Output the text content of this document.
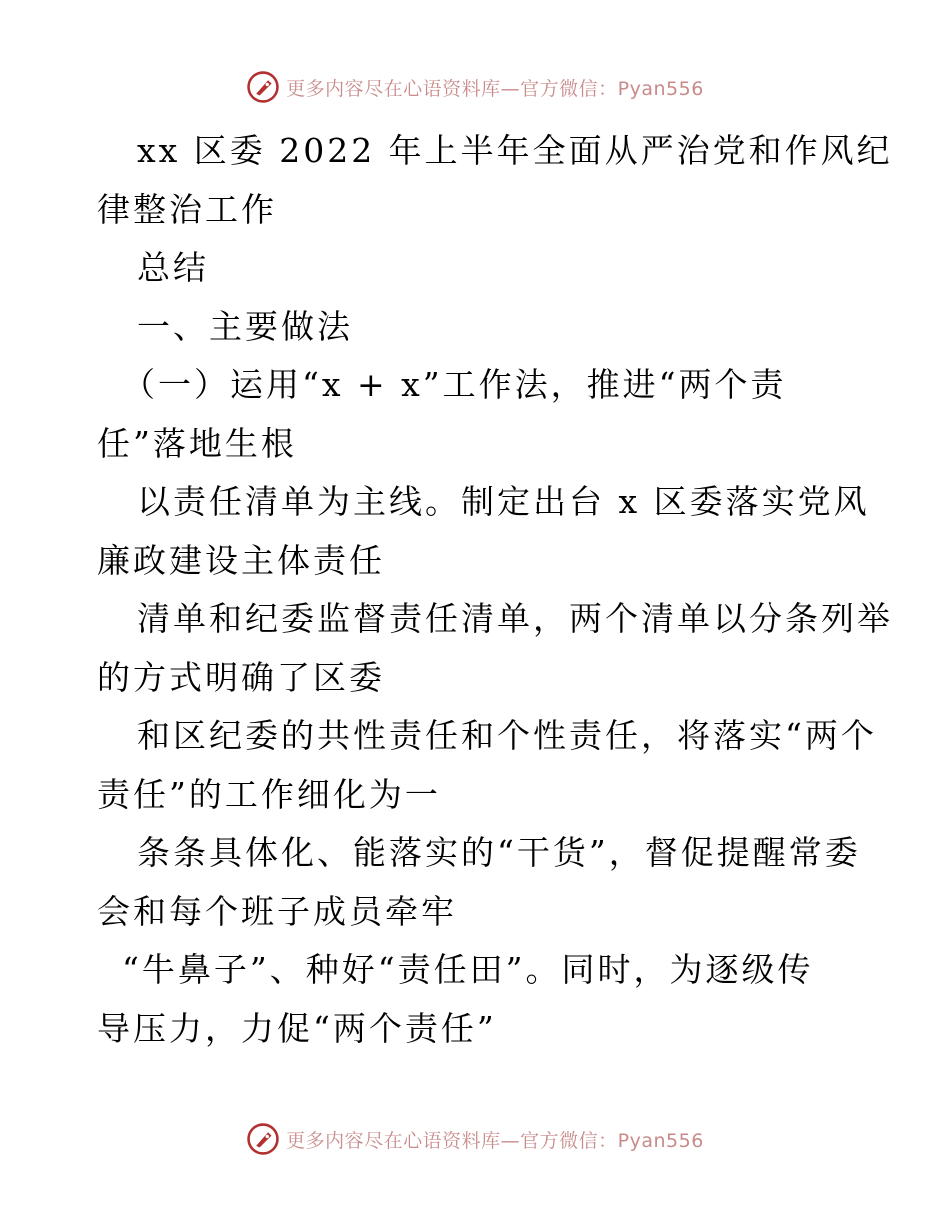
更多内容尽在心语资料库—官方微信：Pyan556
xx 区委 2022 年上半年全面从严治党和作风纪
律整治工作
总结
一、主要做法
（一）运用“x + x”工作法，推进“两个责
任”落地生根
以责任清单为主线。制定出台 x 区委落实党风
廉政建设主体责任
清单和纪委监督责任清单，两个清单以分条列举
的方式明确了区委
和区纪委的共性责任和个性责任，将落实“两个
责任”的工作细化为一
条条具体化、能落实的“干货”，督促提醒常委
会和每个班子成员牵牢
“牛鼻子”、种好“责任田”。同时，为逐级传
导压力，力促“两个责任”
更多内容尽在心语资料库—官方微信：Pyan556
